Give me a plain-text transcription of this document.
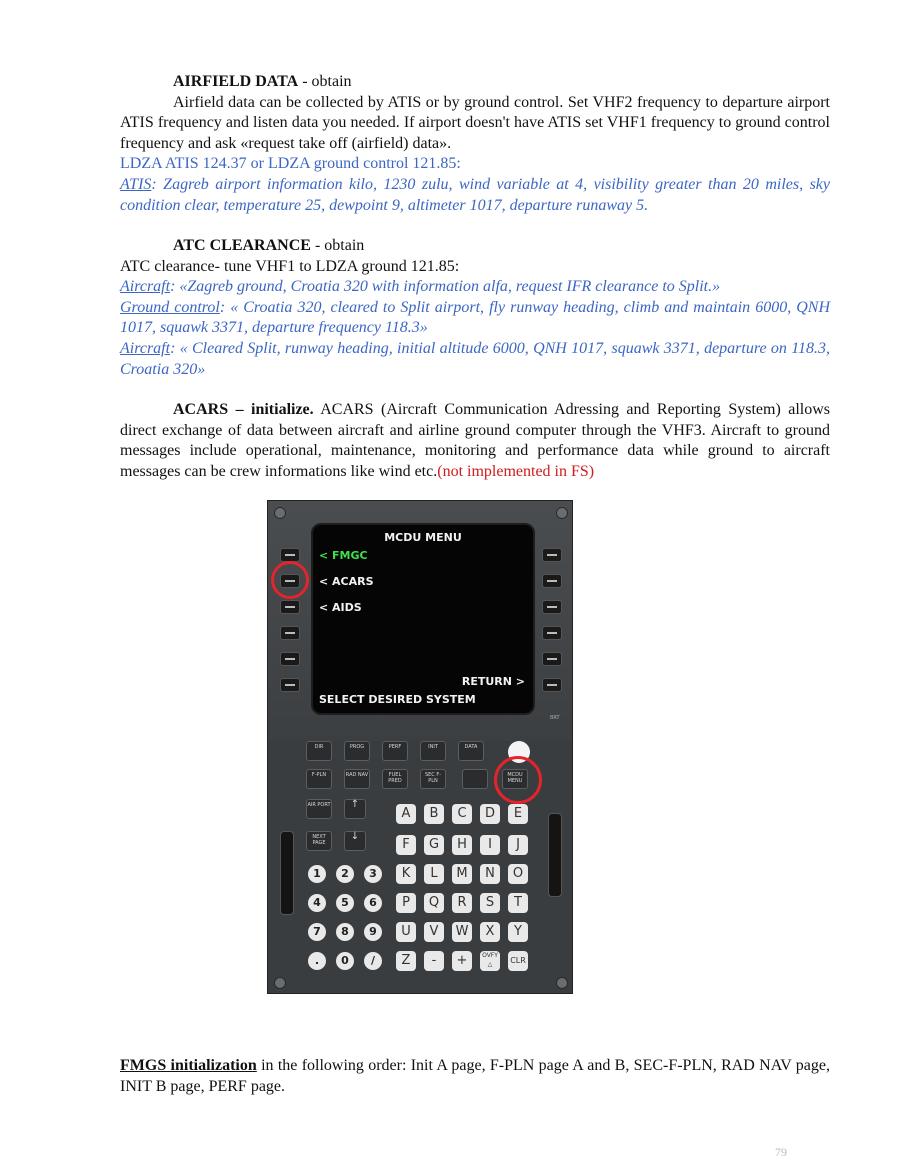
AIRFIELD DATA - obtain
Airfield data can be collected by ATIS or by ground control. Set VHF2 frequency to departure airport ATIS frequency and listen data you needed. If airport doesn't have ATIS set VHF1 frequency to ground control frequency and ask «request take off (airfield) data».
LDZA ATIS 124.37 or LDZA ground control 121.85:
ATIS: Zagreb airport information kilo, 1230 zulu, wind variable at 4, visibility greater than 20 miles, sky condition clear, temperature 25, dewpoint 9, altimeter 1017, departure runaway 5.
ATC CLEARANCE - obtain
ATC clearance- tune VHF1 to LDZA ground 121.85:
Aircraft: «Zagreb ground, Croatia 320 with information alfa, request IFR clearance to Split.»
Ground control: « Croatia 320, cleared to Split airport, fly runway heading, climb and maintain 6000, QNH 1017, squawk 3371, departure frequency 118.3»
Aircraft: « Cleared Split, runway heading, initial altitude 6000, QNH 1017, squawk 3371, departure on 118.3, Croatia 320»
ACARS – initialize. ACARS (Aircraft Communication Adressing and Reporting System) allows direct exchange of data between aircraft and airline ground computer through the VHF3. Aircraft to ground messages include operational, maintenance, monitoring and performance data while ground to aircraft messages can be crew informations like wind etc.(not implemented in FS)
MCDU MENU
< FMGC
< ACARS
< AIDS
RETURN >
SELECT DESIRED SYSTEM
BRT
DIR	PROG	PERF	INIT	DATA
F-PLN	RAD NAV	FUEL PRED
SEC F-PLN
MCDU MENU
AIR PORT	↑
NEXT PAGE
↓
A	B	C	D	E
F	G	H	I	J
K	L	M	N	O
P	Q	R	S	T
U	V	W	X	Y
Z	-	+	OVFY △	CLR
1	2	3
4	5	6
7	8	9
.	0	/
FMGS initialization in the following order: Init A page, F-PLN page A and B, SEC-F-PLN, RAD NAV page, INIT B page, PERF page.
79
